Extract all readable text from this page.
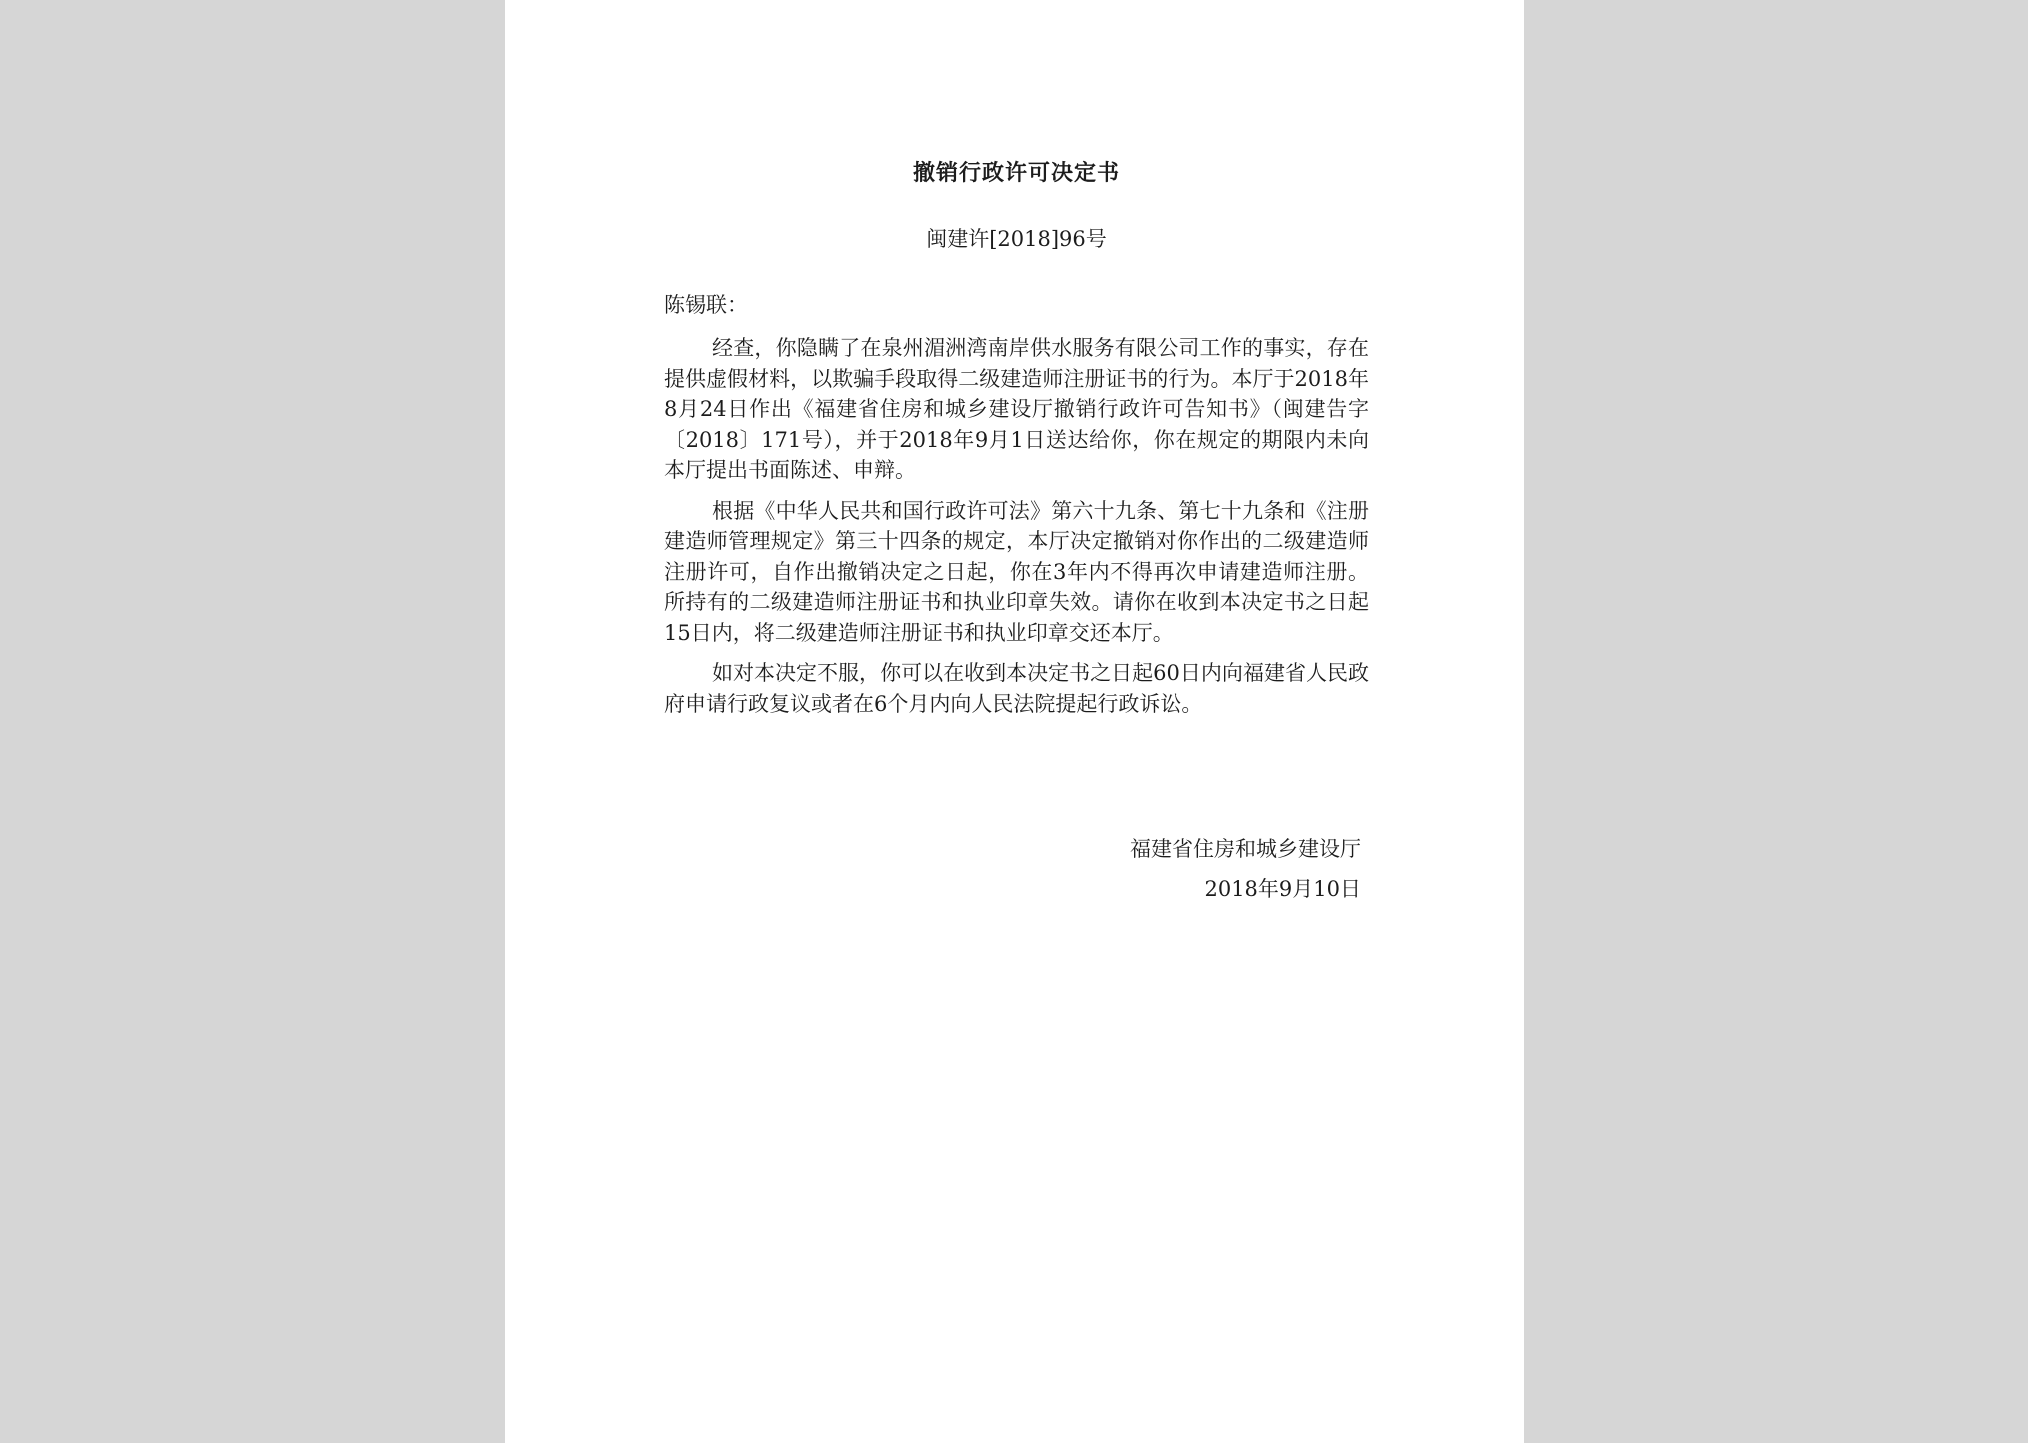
撤销行政许可决定书
闽建许[2018]96号
陈锡联：

经查，你隐瞒了在泉州湄洲湾南岸供水服务有限公司工作的事实，存在提供虚假材料，以欺骗手段取得二级建造师注册证书的行为。本厅于2018年8月24日作出《福建省住房和城乡建设厅撤销行政许可告知书》（闽建告字〔2018〕171号），并于2018年9月1日送达给你，你在规定的期限内未向本厅提出书面陈述、申辩。

根据《中华人民共和国行政许可法》第六十九条、第七十九条和《注册建造师管理规定》第三十四条的规定，本厅决定撤销对你作出的二级建造师注册许可，自作出撤销决定之日起，你在3年内不得再次申请建造师注册。所持有的二级建造师注册证书和执业印章失效。请你在收到本决定书之日起15日内，将二级建造师注册证书和执业印章交还本厅。

如对本决定不服，你可以在收到本决定书之日起60日内向福建省人民政府申请行政复议或者在6个月内向人民法院提起行政诉讼。

福建省住房和城乡建设厅
2018年9月10日
